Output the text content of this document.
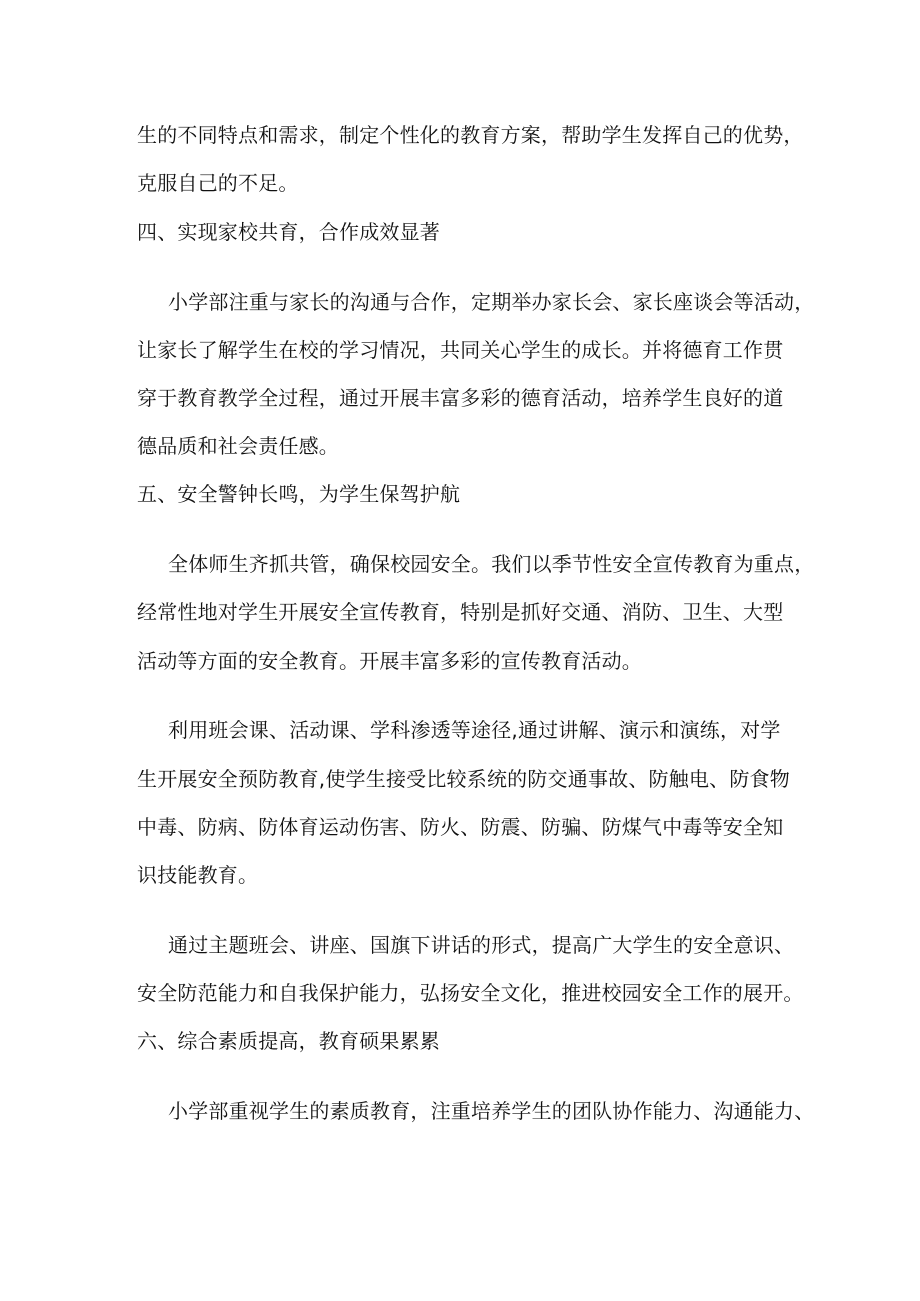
生的不同特点和需求，制定个性化的教育方案，帮助学生发挥自己的优势，
克服自己的不足。
四、实现家校共育，合作成效显著
小学部注重与家长的沟通与合作，定期举办家长会、家长座谈会等活动，
让家长了解学生在校的学习情况，共同关心学生的成长。并将德育工作贯
穿于教育教学全过程，通过开展丰富多彩的德育活动，培养学生良好的道
德品质和社会责任感。
五、安全警钟长鸣，为学生保驾护航
全体师生齐抓共管，确保校园安全。我们以季节性安全宣传教育为重点，
经常性地对学生开展安全宣传教育，特别是抓好交通、消防、卫生、大型
活动等方面的安全教育。开展丰富多彩的宣传教育活动。
利用班会课、活动课、学科渗透等途径,通过讲解、演示和演练，对学
生开展安全预防教育,使学生接受比较系统的防交通事故、防触电、防食物
中毒、防病、防体育运动伤害、防火、防震、防骗、防煤气中毒等安全知
识技能教育。
通过主题班会、讲座、国旗下讲话的形式，提高广大学生的安全意识、
安全防范能力和自我保护能力，弘扬安全文化，推进校园安全工作的展开。
六、综合素质提高，教育硕果累累
小学部重视学生的素质教育，注重培养学生的团队协作能力、沟通能力、
